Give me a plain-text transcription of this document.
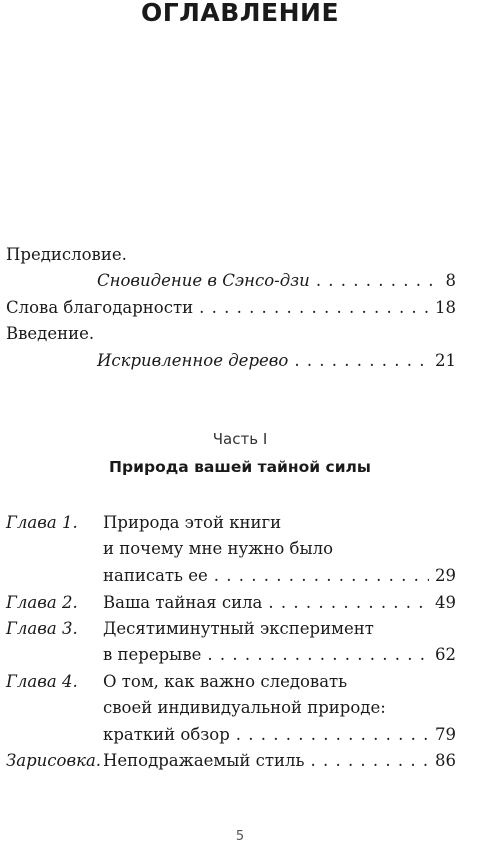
ОГЛАВЛЕНИЕ
Предисловие.
Сновидение в Сэнсо-дзи . . .	8
Слова благодарности . . .	18
Введение.
Искривленное дерево . . .	21
Часть I
Природа вашей тайной силы
Глава 1. Природа этой книги
и почему мне нужно было
написать ее . . .	29
Глава 2. Ваша тайная сила . . .	49
Глава 3. Десятиминутный эксперимент
в перерыве . . .	62
Глава 4. О том, как важно следовать
своей индивидуальной природе:
краткий обзор . . .	79
Зарисовка. Неподражаемый стиль . . .	86
5
